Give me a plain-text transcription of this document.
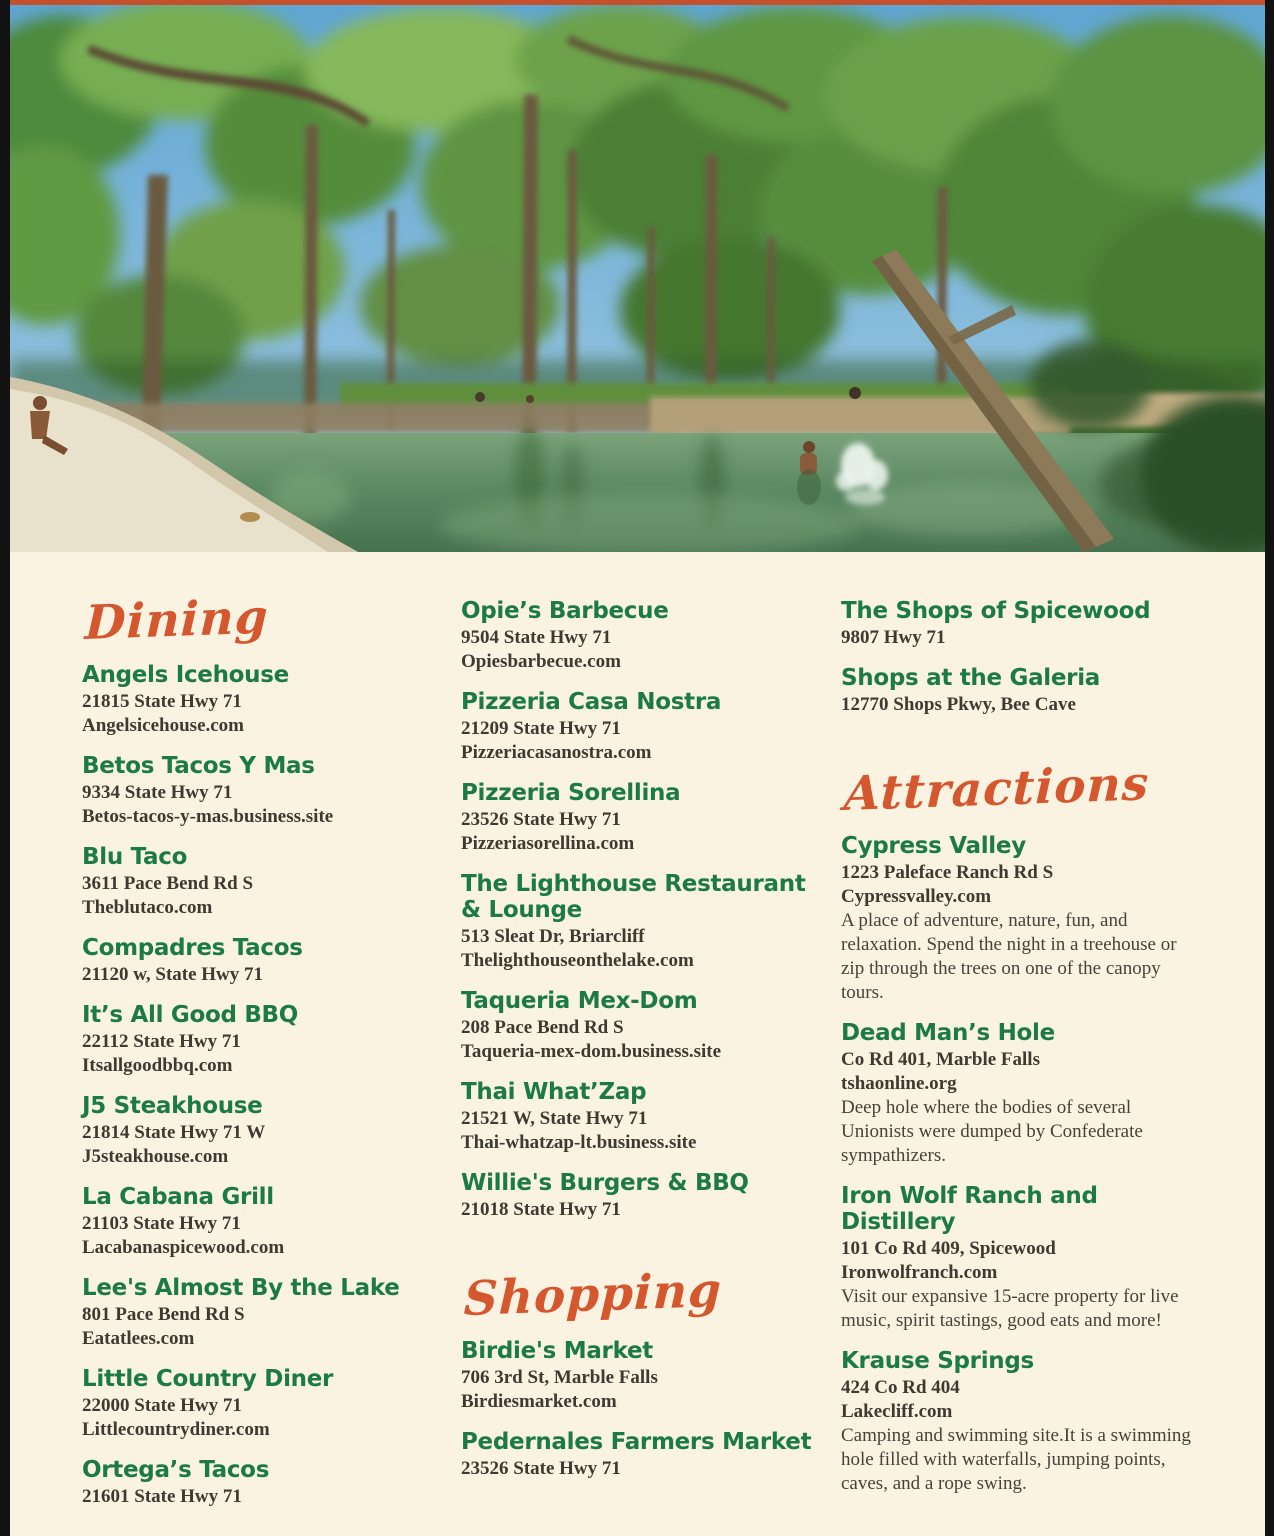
Dining
Angels Icehouse
21815 State Hwy 71
Angelsicehouse.com
Betos Tacos Y Mas
9334 State Hwy 71
Betos-tacos-y-mas.business.site
Blu Taco
3611 Pace Bend Rd S
Theblutaco.com
Compadres Tacos
21120 w, State Hwy 71
It’s All Good BBQ
22112 State Hwy 71
Itsallgoodbbq.com
J5 Steakhouse
21814 State Hwy 71 W
J5steakhouse.com
La Cabana Grill
21103 State Hwy 71
Lacabanaspicewood.com
Lee's Almost By the Lake
801 Pace Bend Rd S
Eatatlees.com
Little Country Diner
22000 State Hwy 71
Littlecountrydiner.com
Ortega’s Tacos
21601 State Hwy 71
Opie’s Barbecue
9504 State Hwy 71
Opiesbarbecue.com
Pizzeria Casa Nostra
21209 State Hwy 71
Pizzeriacasanostra.com
Pizzeria Sorellina
23526 State Hwy 71
Pizzeriasorellina.com
The Lighthouse Restaurant & Lounge
513 Sleat Dr, Briarcliff
Thelighthouseonthelake.com
Taqueria Mex-Dom
208 Pace Bend Rd S
Taqueria-mex-dom.business.site
Thai What’Zap
21521 W, State Hwy 71
Thai-whatzap-lt.business.site
Willie's Burgers & BBQ
21018 State Hwy 71
Shopping
Birdie's Market
706 3rd St, Marble Falls
Birdiesmarket.com
Pedernales Farmers Market
23526 State Hwy 71
The Shops of Spicewood
9807 Hwy 71
Shops at the Galeria
12770 Shops Pkwy, Bee Cave
Attractions
Cypress Valley
1223 Paleface Ranch Rd S
Cypressvalley.com

A place of adventure, nature, fun, and relaxation. Spend the night in a treehouse or zip through the trees on one of the canopy tours.

Dead Man’s Hole
Co Rd 401, Marble Falls
tshaonline.org

Deep hole where the bodies of several Unionists were dumped by Confederate sympathizers.

Iron Wolf Ranch and Distillery
101 Co Rd 409, Spicewood
Ironwolfranch.com

Visit our expansive 15-acre property for live music, spirit tastings, good eats and more!

Krause Springs
424 Co Rd 404
Lakecliff.com

Camping and swimming site.It is a swimming hole filled with waterfalls, jumping points, caves, and a rope swing.
